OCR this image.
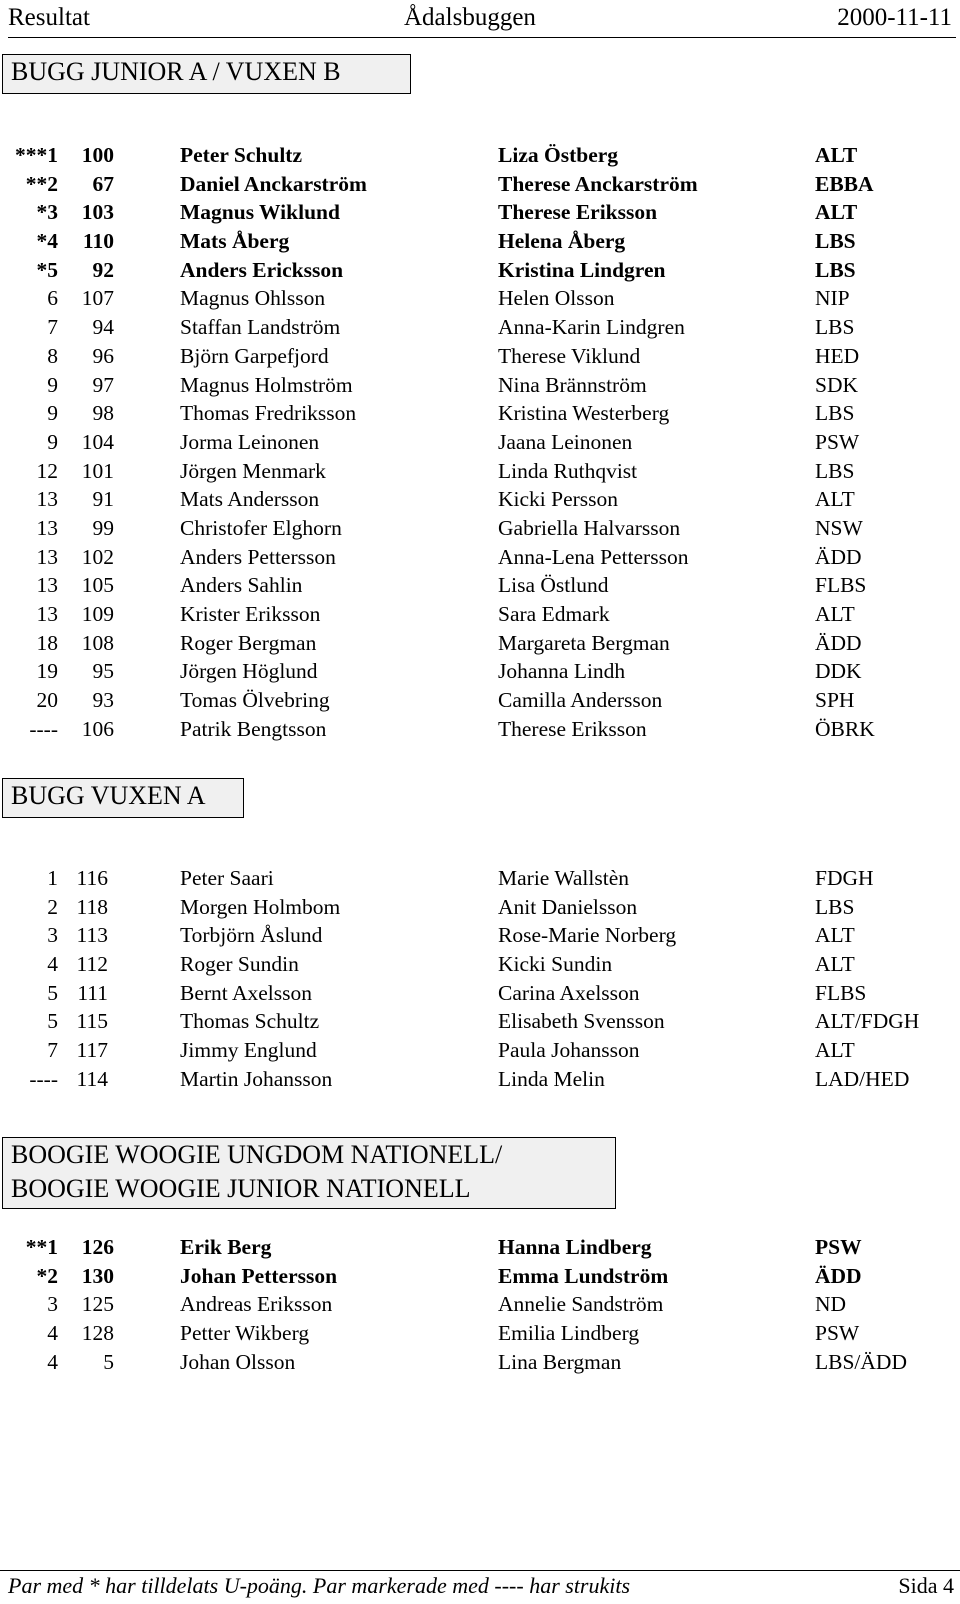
Resultat	Ådalsbuggen	2000-11-11
BUGG JUNIOR A / VUXEN B
***1 100	Peter Schultz	Liza Östberg	ALT
**2 67	Daniel Anckarström	Therese Anckarström	EBBA
*3 103	Magnus Wiklund	Therese Eriksson	ALT
*4 110	Mats Åberg	Helena Åberg	LBS
*5 92	Anders Ericksson	Kristina Lindgren	LBS
6 107	Magnus Ohlsson	Helen Olsson	NIP
7 94	Staffan Landström	Anna-Karin Lindgren	LBS
8 96	Björn Garpefjord	Therese Viklund	HED
9 97	Magnus Holmström	Nina Brännström	SDK
9 98	Thomas Fredriksson	Kristina Westerberg	LBS
9 104	Jorma Leinonen	Jaana Leinonen	PSW
12 101	Jörgen Menmark	Linda Ruthqvist	LBS
13 91	Mats Andersson	Kicki Persson	ALT
13 99	Christofer Elghorn	Gabriella Halvarsson	NSW
13 102	Anders Pettersson	Anna-Lena Pettersson	ÄDD
13 105	Anders Sahlin	Lisa Östlund	FLBS
13 109	Krister Eriksson	Sara Edmark	ALT
18 108	Roger Bergman	Margareta Bergman	ÄDD
19 95	Jörgen Höglund	Johanna Lindh	DDK
20 93	Tomas Ölvebring	Camilla Andersson	SPH
---- 106	Patrik Bengtsson	Therese Eriksson	ÖBRK
BUGG VUXEN A
1 116	Peter Saari	Marie Wallstèn	FDGH
2 118	Morgen Holmbom	Anit Danielsson	LBS
3 113	Torbjörn Åslund	Rose-Marie Norberg	ALT
4 112	Roger Sundin	Kicki Sundin	ALT
5 111	Bernt Axelsson	Carina Axelsson	FLBS
5 115	Thomas Schultz	Elisabeth Svensson	ALT/FDGH
7 117	Jimmy Englund	Paula Johansson	ALT
---- 114	Martin Johansson	Linda Melin	LAD/HED
BOOGIE WOOGIE UNGDOM NATIONELL/
BOOGIE WOOGIE JUNIOR NATIONELL
**1 126	Erik Berg	Hanna Lindberg	PSW
*2 130	Johan Pettersson	Emma Lundström	ÄDD
3 125	Andreas Eriksson	Annelie Sandström	ND
4 128	Petter Wikberg	Emilia Lindberg	PSW
4 5	Johan Olsson	Lina Bergman	LBS/ÄDD
Par med * har tilldelats U-poäng. Par markerade med ---- har strukits	Sida 4
